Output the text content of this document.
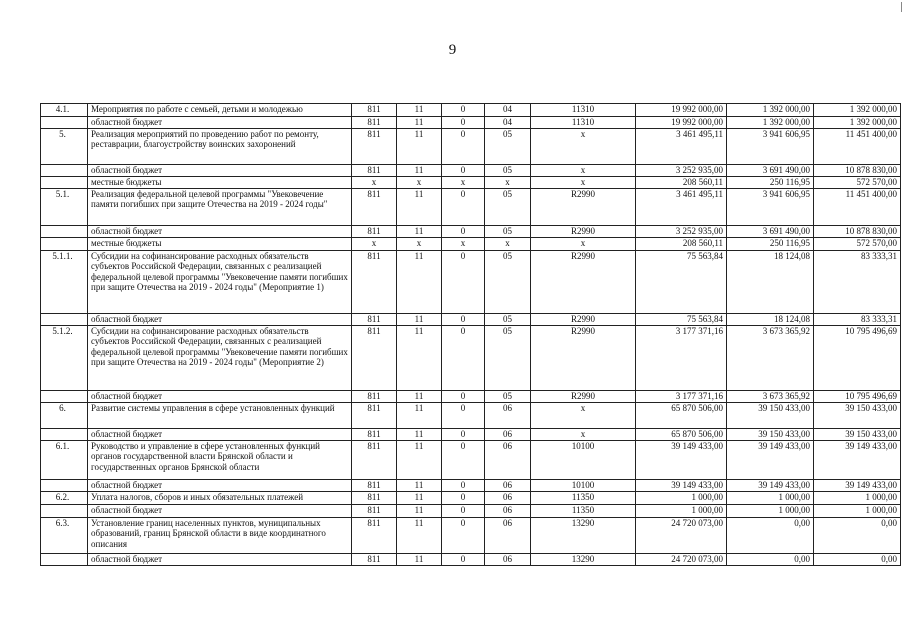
9
4.1.	Мероприятия по работе с семьей, детьми и молодежью	811	11	0	04	11310	19 992 000,00	1 392 000,00	1 392 000,00
	областной бюджет	811	11	0	04	11310	19 992 000,00	1 392 000,00	1 392 000,00
5.	Реализация мероприятий по проведению работ по ремонту, реставрации, благоустройству воинских захоронений	811	11	0	05	х	3 461 495,11	3 941 606,95	11 451 400,00
	областной бюджет	811	11	0	05	х	3 252 935,00	3 691 490,00	10 878 830,00
	местные бюджеты	х	х	х	х	х	208 560,11	250 116,95	572 570,00
5.1.	Реализация федеральной целевой программы "Увековечение памяти погибших при защите Отечества на 2019 - 2024 годы"	811	11	0	05	R2990	3 461 495,11	3 941 606,95	11 451 400,00
	областной бюджет	811	11	0	05	R2990	3 252 935,00	3 691 490,00	10 878 830,00
	местные бюджеты	х	х	х	х	х	208 560,11	250 116,95	572 570,00
5.1.1.	Субсидии на софинансирование расходных обязательств субъектов Российской Федерации, связанных с реализацией федеральной целевой программы "Увековечение памяти погибших при защите Отечества на 2019 - 2024 годы" (Мероприятие 1)	811	11	0	05	R2990	75 563,84	18 124,08	83 333,31
	областной бюджет	811	11	0	05	R2990	75 563,84	18 124,08	83 333,31
5.1.2.	Субсидии на софинансирование расходных обязательств субъектов Российской Федерации, связанных с реализацией федеральной целевой программы "Увековечение памяти погибших при защите Отечества на 2019 - 2024 годы" (Мероприятие 2)	811	11	0	05	R2990	3 177 371,16	3 673 365,92	10 795 496,69
	областной бюджет	811	11	0	05	R2990	3 177 371,16	3 673 365,92	10 795 496,69
6.	Развитие системы управления в сфере установленных функций	811	11	0	06	х	65 870 506,00	39 150 433,00	39 150 433,00
	областной бюджет	811	11	0	06	х	65 870 506,00	39 150 433,00	39 150 433,00
6.1.	Руководство и управление в сфере установленных функций органов государственной власти Брянской области и государственных органов Брянской области	811	11	0	06	10100	39 149 433,00	39 149 433,00	39 149 433,00
	областной бюджет	811	11	0	06	10100	39 149 433,00	39 149 433,00	39 149 433,00
6.2.	Уплата налогов, сборов и иных обязательных платежей	811	11	0	06	11350	1 000,00	1 000,00	1 000,00
	областной бюджет	811	11	0	06	11350	1 000,00	1 000,00	1 000,00
6.3.	Установление границ населенных пунктов, муниципальных образований, границ Брянской области в виде координатного описания	811	11	0	06	13290	24 720 073,00	0,00	0,00
	областной бюджет	811	11	0	06	13290	24 720 073,00	0,00	0,00
